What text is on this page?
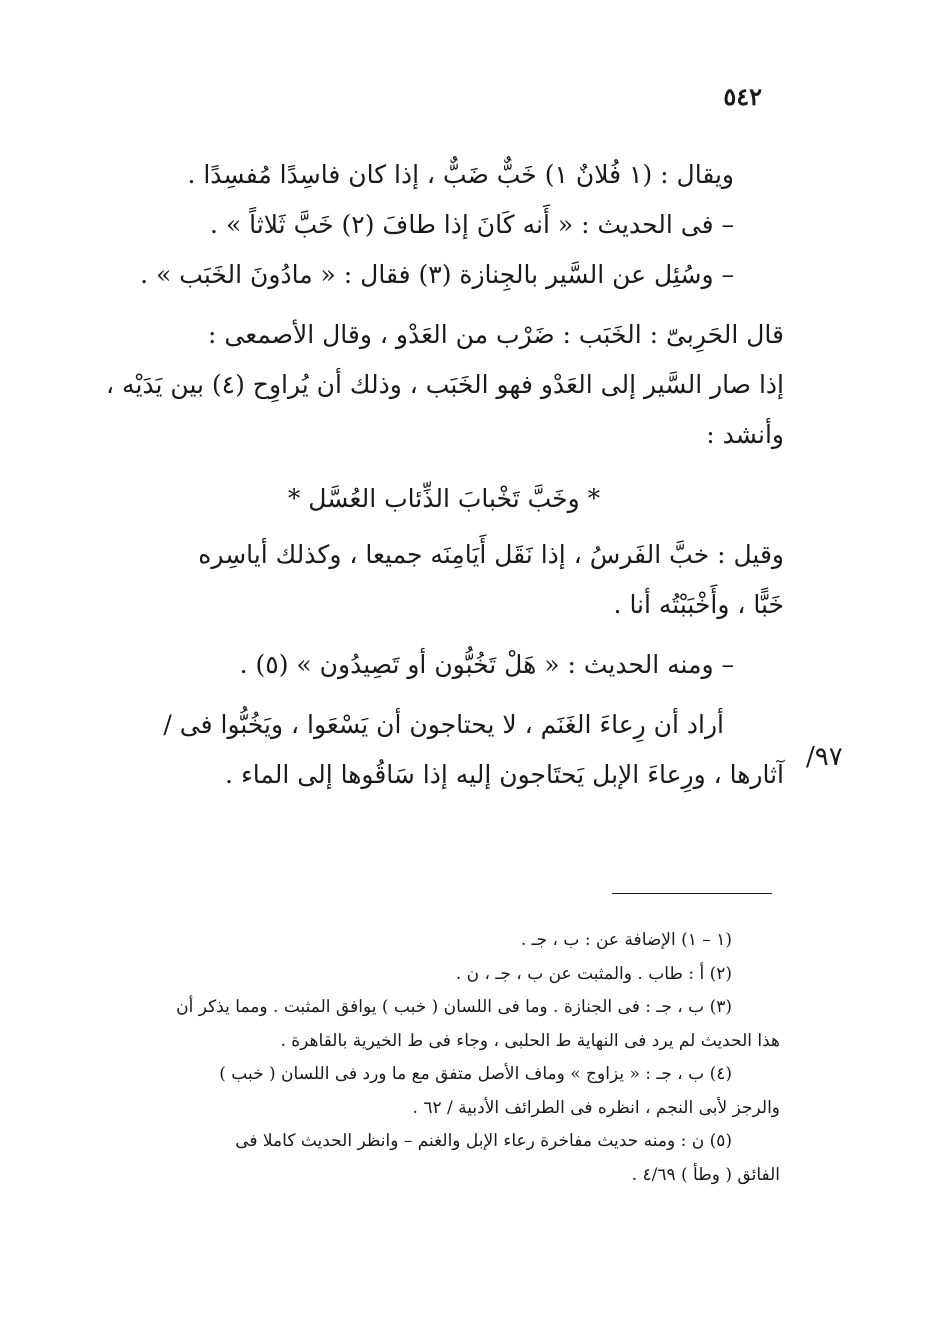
٥٤٢

ويقال : (١ فُلانٌ ١) خَبٌّ ضَبٌّ ، إذا كان فاسِدًا مُفسِدًا .

– فى الحديث : « أَنه كَانَ إذا طافَ (٢) خَبَّ ثَلاثاً » .

– وسُئِل عن السَّير بالجِنازة (٣) فقال : « مادُونَ الخَبَب » .

قال الحَرِبىّ : الخَبَب : ضَرْب من العَدْو ، وقال الأصمعى :

إذا صار السَّير إلى العَدْو فهو الخَبَب ، وذلك أن يُراوِح (٤) بين يَدَيْه ،

وأنشد :

* وخَبَّ تَخْبابَ الذِّئاب العُسَّل *

وقيل : خبَّ الفَرسُ ، إذا نَقَل أَيَامِنَه جميعا ، وكذلك أياسِره

خَبًّا ، وأَخْبَبْتُه أنا .

– ومنه الحديث : « هَلْ تَخُبُّون أو تَصِيدُون » (٥) .

أراد أن رِعاءَ الغَنَم ، لا يحتاجون أن يَسْعَوا ، ويَخُبُّوا فى /

آثارها ، ورِعاءَ الإبل يَحتَاجون إليه إذا سَاقُوها إلى الماء .

/٩٧

(١ – ١) الإضافة عن : ب ، جـ .

(٢) أ : طاب . والمثبت عن ب ، جـ ، ن .

(٣) ب ، جـ : فى الجنازة . وما فى اللسان ( خبب ) يوافق المثبت . ومما يذكر أن

هذا الحديث لم يرد فى النهاية ط الحلبى ، وجاء فى ط الخيرية بالقاهرة .

(٤) ب ، جـ : « يزاوج » وماف الأصل متفق مع ما ورد فى اللسان ( خبب )

والرجز لأبى النجم ، انظره فى الطرائف الأدبية / ٦٢ .

(٥) ن : ومنه حديث مفاخرة رعاء الإبل والغنم – وانظر الحديث كاملا فى

الفائق ( وطأ ) ٤/٦٩ .
